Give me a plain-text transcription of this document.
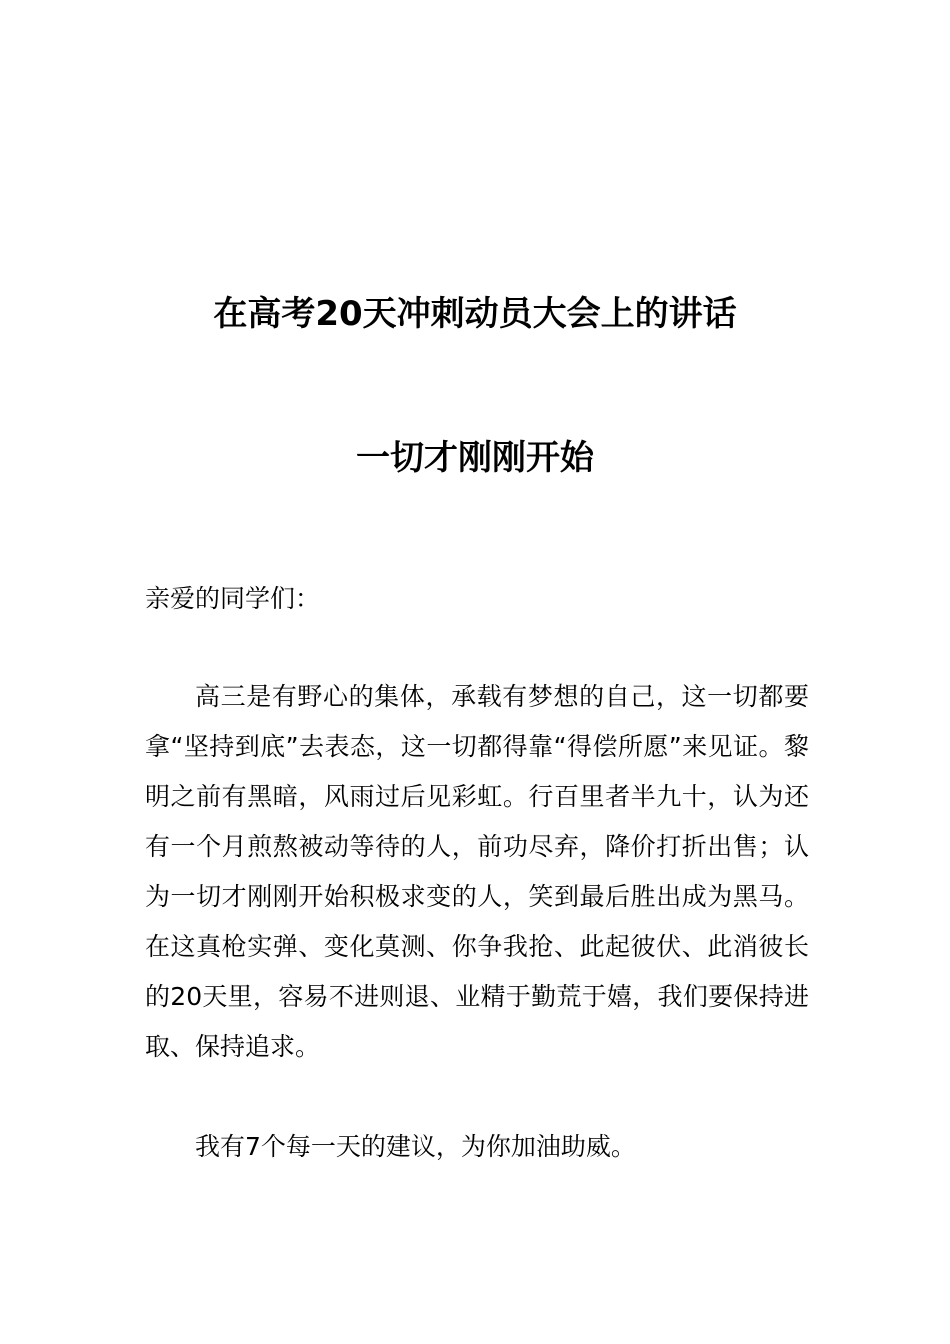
在高考20天冲刺动员大会上的讲话
一切才刚刚开始
亲爱的同学们：

高三是有野心的集体，承载有梦想的自己，这一切都要拿“坚持到底”去表态，这一切都得靠“得偿所愿”来见证。黎明之前有黑暗，风雨过后见彩虹。行百里者半九十，认为还有一个月煎熬被动等待的人，前功尽弃，降价打折出售；认为一切才刚刚开始积极求变的人，笑到最后胜出成为黑马。在这真枪实弹、变化莫测、你争我抢、此起彼伏、此消彼长的20天里，容易不进则退、业精于勤荒于嬉，我们要保持进取、保持追求。

我有7个每一天的建议，为你加油助威。
